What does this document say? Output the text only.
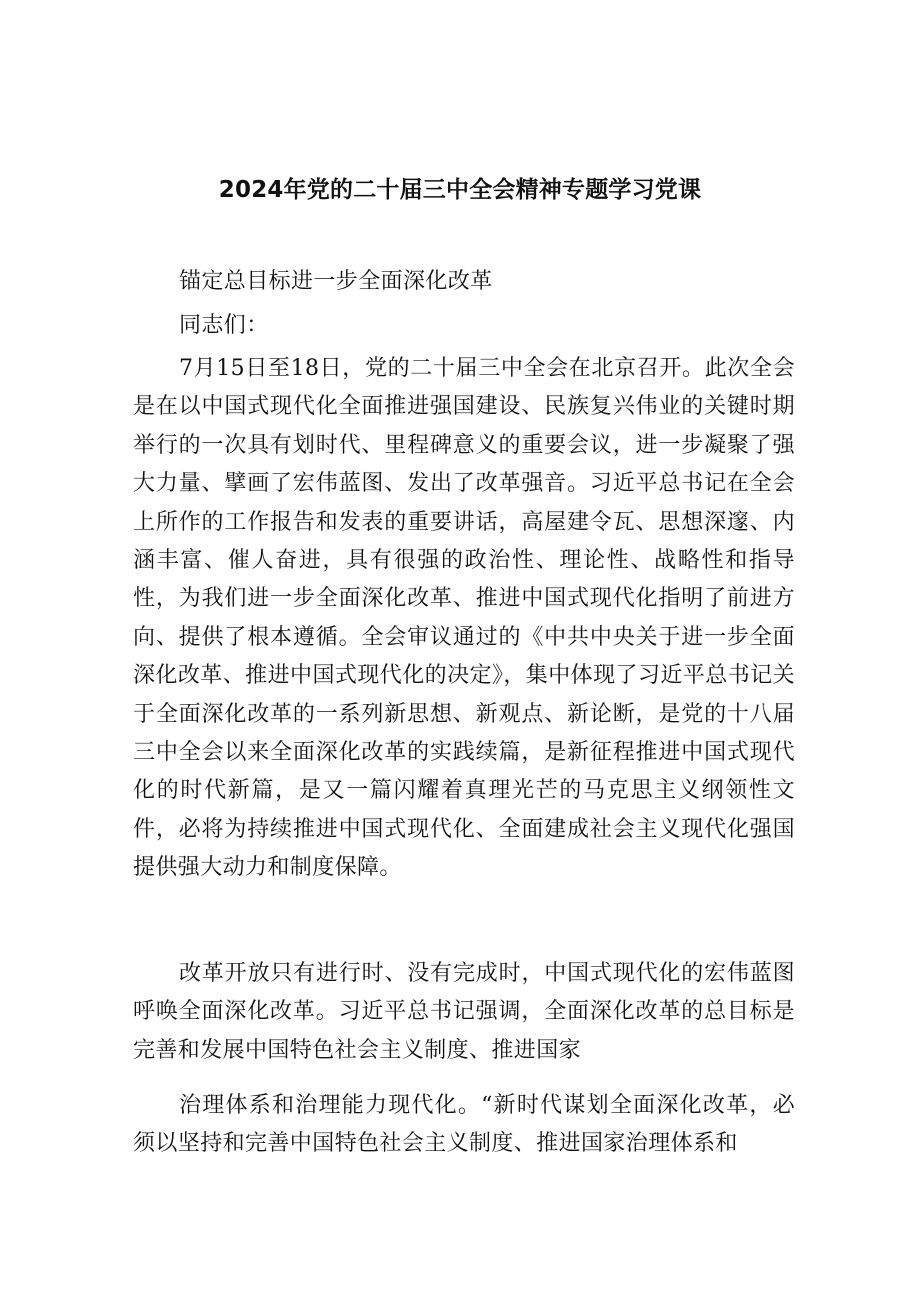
2024年党的二十届三中全会精神专题学习党课
锚定总目标进一步全面深化改革
同志们：
7月15日至18日，党的二十届三中全会在北京召开。此次全会是在以中国式现代化全面推进强国建设、民族复兴伟业的关键时期举行的一次具有划时代、里程碑意义的重要会议，进一步凝聚了强大力量、擘画了宏伟蓝图、发出了改革强音。习近平总书记在全会上所作的工作报告和发表的重要讲话，高屋建令瓦、思想深邃、内涵丰富、催人奋进，具有很强的政治性、理论性、战略性和指导性，为我们进一步全面深化改革、推进中国式现代化指明了前进方向、提供了根本遵循。全会审议通过的《中共中央关于进一步全面深化改革、推进中国式现代化的决定》，集中体现了习近平总书记关于全面深化改革的一系列新思想、新观点、新论断，是党的十八届三中全会以来全面深化改革的实践续篇，是新征程推进中国式现代化的时代新篇，是又一篇闪耀着真理光芒的马克思主义纲领性文件，必将为持续推进中国式现代化、全面建成社会主义现代化强国提供强大动力和制度保障。
改革开放只有进行时、没有完成时，中国式现代化的宏伟蓝图呼唤全面深化改革。习近平总书记强调，全面深化改革的总目标是完善和发展中国特色社会主义制度、推进国家
治理体系和治理能力现代化。“新时代谋划全面深化改革，必须以坚持和完善中国特色社会主义制度、推进国家治理体系和
